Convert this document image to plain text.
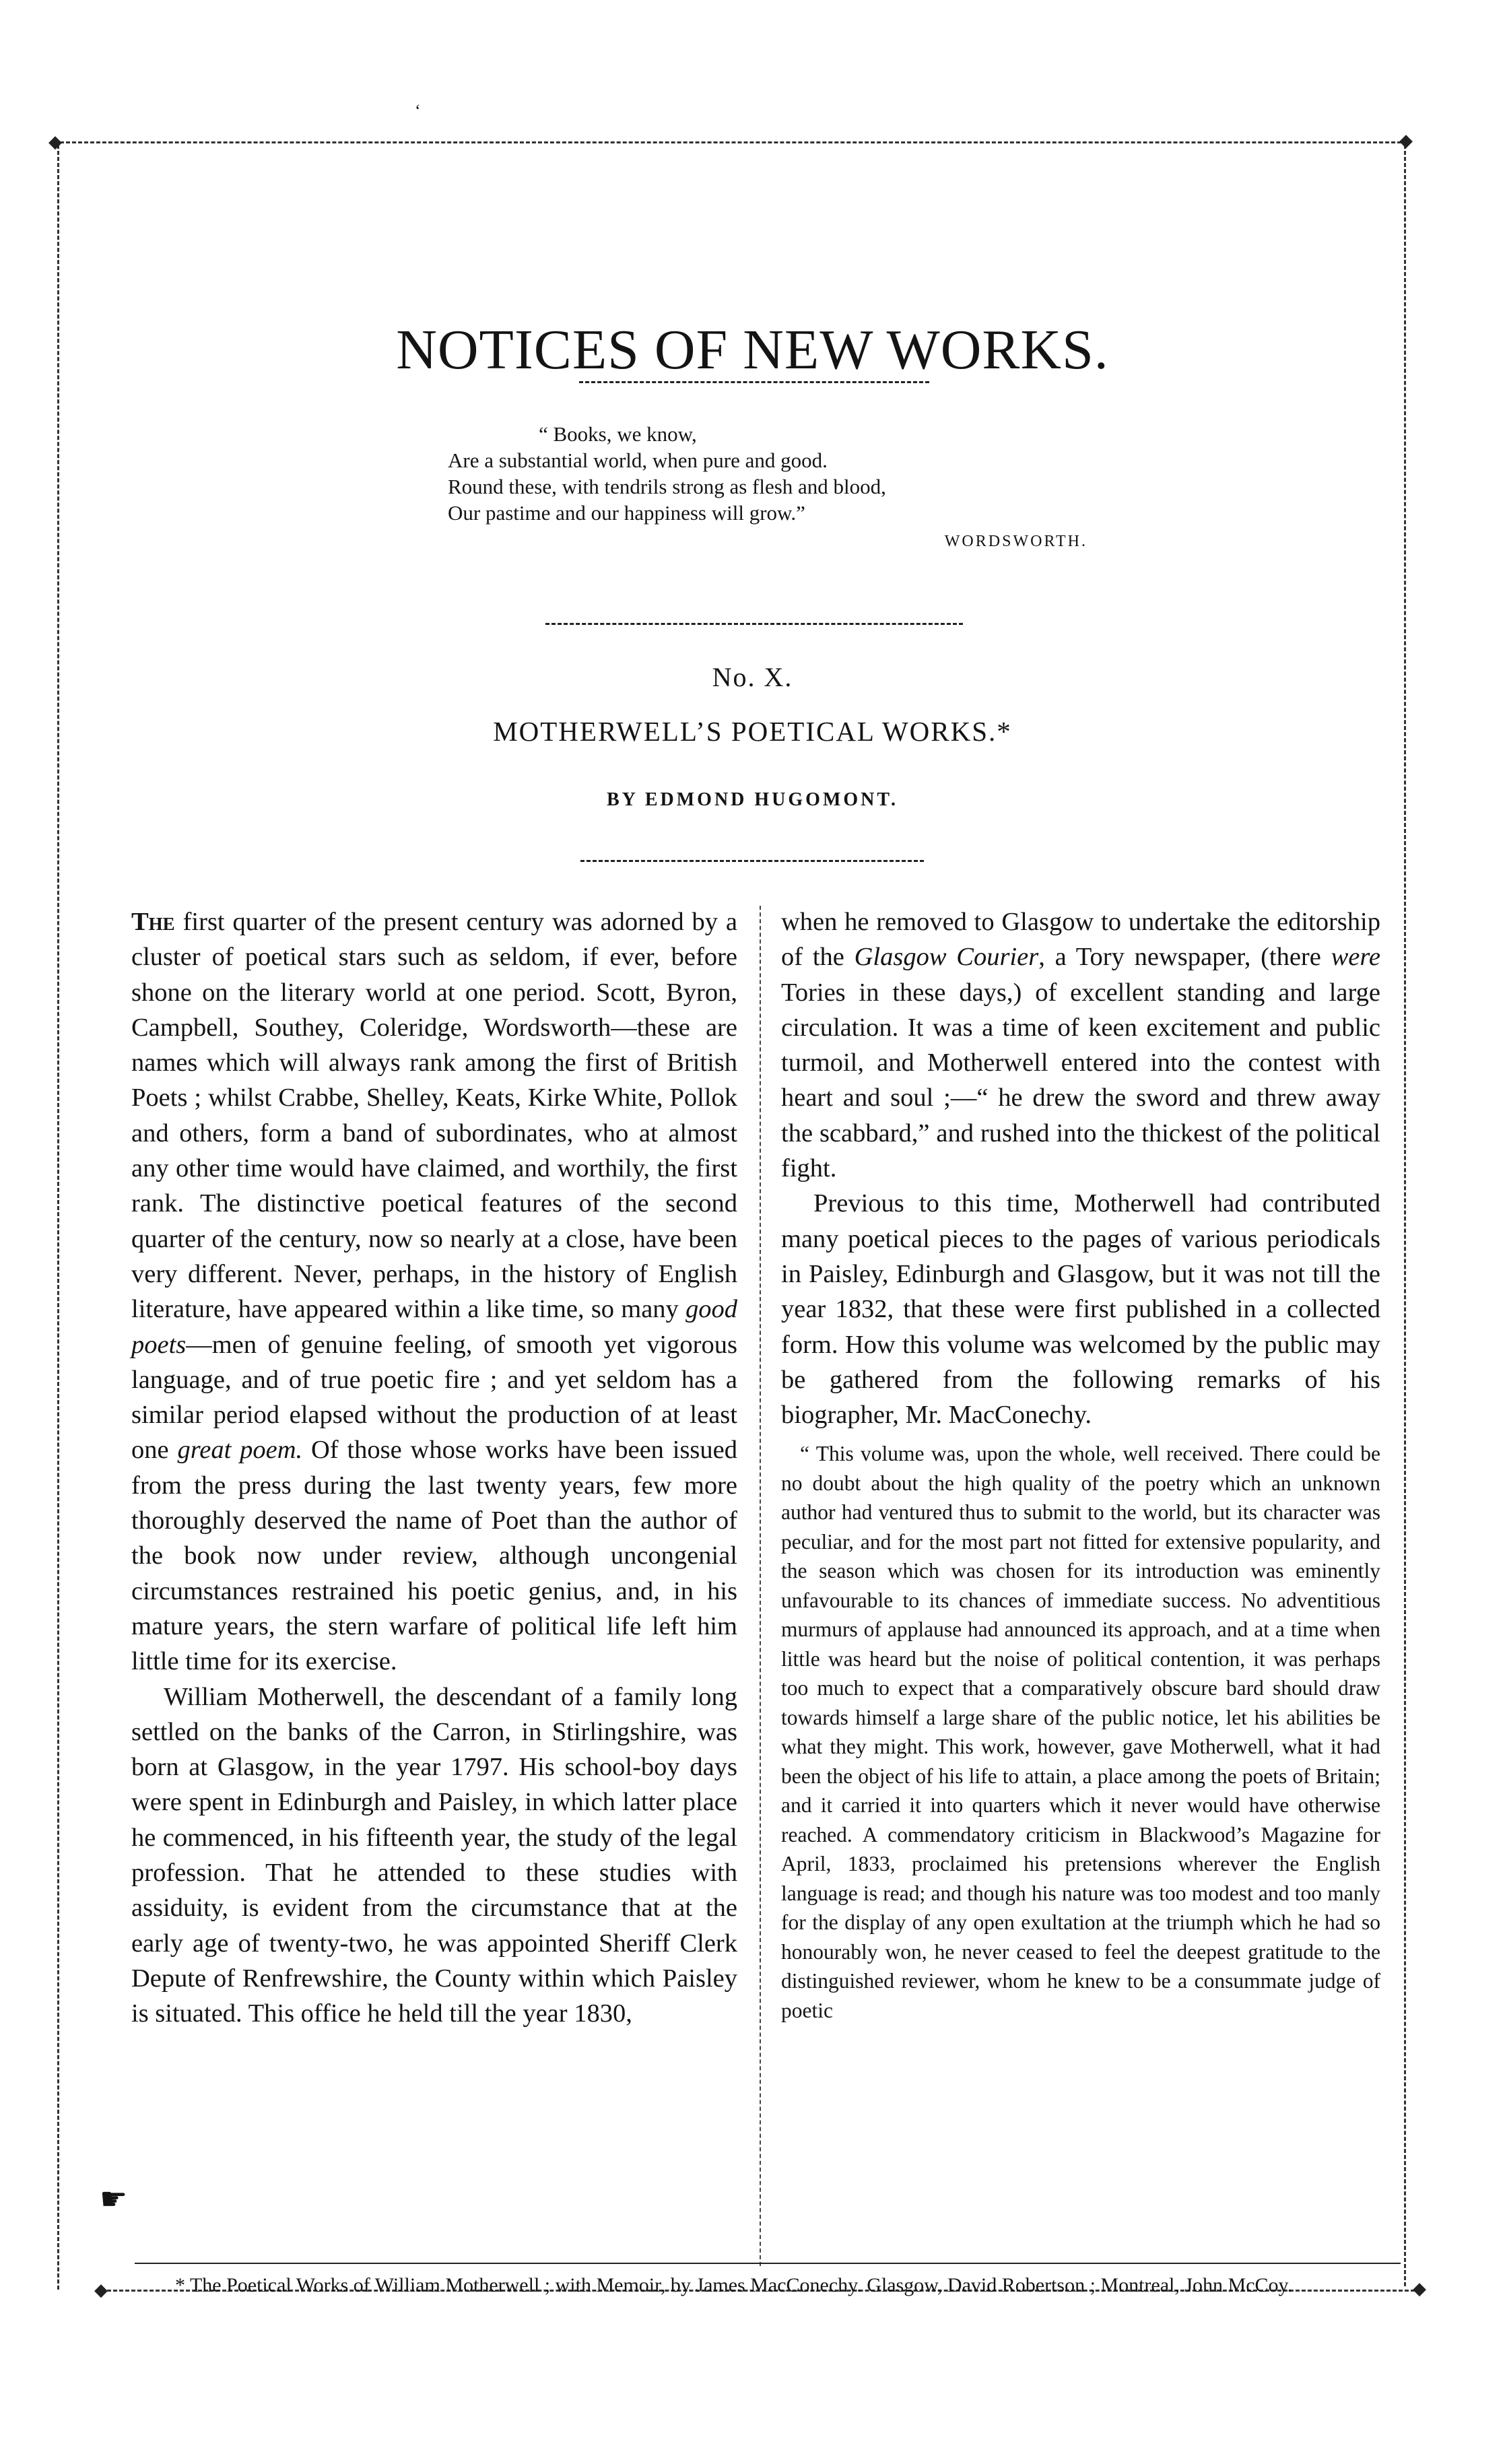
◆	◆
◆	◆
ʻ
NOTICES OF NEW WORKS.
“ Books, we know,
Are a substantial world, when pure and good.
Round these, with tendrils strong as flesh and blood,
Our pastime and our happiness will grow.”
WORDSWORTH.
No. X.
MOTHERWELL’S POETICAL WORKS.*
BY EDMOND HUGOMONT.

The first quarter of the present century was adorned by a cluster of poetical stars such as seldom, if ever, before shone on the literary world at one period. Scott, Byron, Campbell, Southey, Coleridge, Wordsworth—these are names which will always rank among the first of British Poets ; whilst Crabbe, Shelley, Keats, Kirke White, Pollok and others, form a band of subordinates, who at almost any other time would have claimed, and worthily, the first rank. The distinctive poetical features of the second quarter of the century, now so nearly at a close, have been very different. Never, perhaps, in the history of English literature, have appeared within a like time, so many good poets—men of genuine feeling, of smooth yet vigorous language, and of true poetic fire ; and yet seldom has a similar period elapsed without the production of at least one great poem. Of those whose works have been issued from the press during the last twenty years, few more thoroughly deserved the name of Poet than the author of the book now under review, although uncongenial circumstances restrained his poetic genius, and, in his mature years, the stern warfare of political life left him little time for its exercise.

William Motherwell, the descendant of a family long settled on the banks of the Carron, in Stirlingshire, was born at Glasgow, in the year 1797. His school-boy days were spent in Edinburgh and Paisley, in which latter place he commenced, in his fifteenth year, the study of the legal profession. That he attended to these studies with assiduity, is evident from the circumstance that at the early age of twenty-two, he was appointed Sheriff Clerk Depute of Renfrewshire, the County within which Paisley is situated. This office he held till the year 1830,

when he removed to Glasgow to undertake the editorship of the Glasgow Courier, a Tory newspaper, (there were Tories in these days,) of excellent standing and large circulation. It was a time of keen excitement and public turmoil, and Motherwell entered into the contest with heart and soul ;—“ he drew the sword and threw away the scabbard,” and rushed into the thickest of the political fight.

Previous to this time, Motherwell had contributed many poetical pieces to the pages of various periodicals in Paisley, Edinburgh and Glasgow, but it was not till the year 1832, that these were first published in a collected form. How this volume was welcomed by the public may be gathered from the following remarks of his biographer, Mr. MacConechy.

“ This volume was, upon the whole, well received. There could be no doubt about the high quality of the poetry which an unknown author had ventured thus to submit to the world, but its character was peculiar, and for the most part not fitted for extensive popularity, and the season which was chosen for its introduction was eminently unfavourable to its chances of immediate success. No adventitious murmurs of applause had announced its approach, and at a time when little was heard but the noise of political contention, it was perhaps too much to expect that a comparatively obscure bard should draw towards himself a large share of the public notice, let his abilities be what they might. This work, however, gave Motherwell, what it had been the object of his life to attain, a place among the poets of Britain; and it carried it into quarters which it never would have otherwise reached. A commendatory criticism in Blackwood’s Magazine for April, 1833, proclaimed his pretensions wherever the English language is read; and though his nature was too modest and too manly for the display of any open exultation at the triumph which he had so honourably won, he never ceased to feel the deepest gratitude to the distinguished reviewer, whom he knew to be a consummate judge of poetic

☛
* The Poetical Works of William Motherwell ; with Memoir, by James MacConechy. Glasgow, David Robertson ; Montreal, John McCoy.
